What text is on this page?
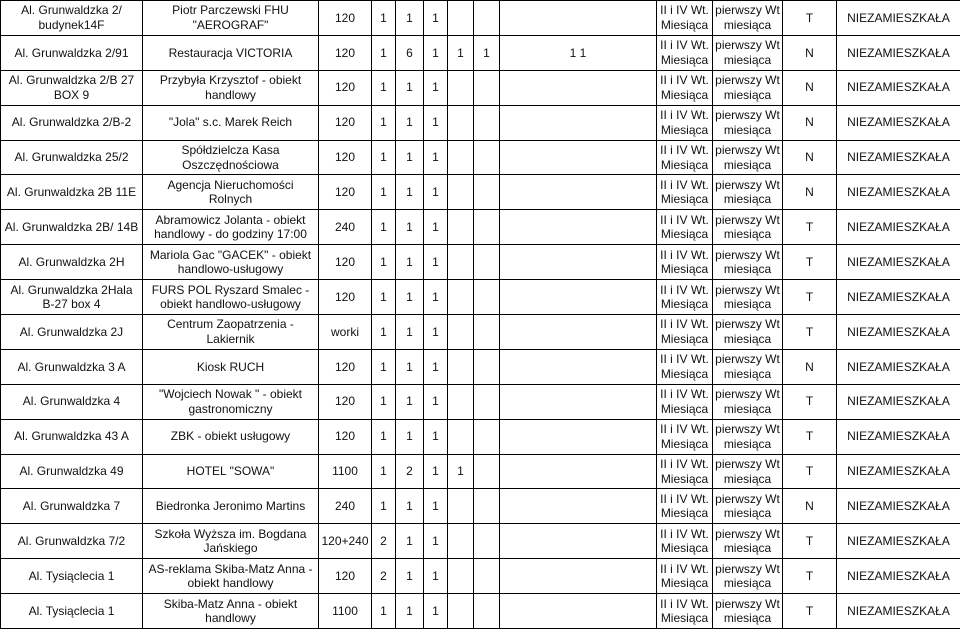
Al. Grunwaldzka 2/ budynek14F	Piotr Parczewski FHU "AEROGRAF"	120	1	1	1				II i IV Wt. Miesiąca	pierwszy Wt miesiąca	T	NIEZAMIESZKAŁA
Al. Grunwaldzka 2/91	Restauracja VICTORIA	120	1	6	1	1	1	1 1	II i IV Wt. Miesiąca	pierwszy Wt miesiąca	N	NIEZAMIESZKAŁA
Al. Grunwaldzka 2/B 27 BOX 9	Przybyła Krzysztof - obiekt handlowy	120	1	1	1				II i IV Wt. Miesiąca	pierwszy Wt miesiąca	N	NIEZAMIESZKAŁA
Al. Grunwaldzka 2/B-2	"Jola" s.c. Marek Reich	120	1	1	1				II i IV Wt. Miesiąca	pierwszy Wt miesiąca	N	NIEZAMIESZKAŁA
Al. Grunwaldzka 25/2	Spółdzielcza Kasa Oszczędnościowa	120	1	1	1				II i IV Wt. Miesiąca	pierwszy Wt miesiąca	N	NIEZAMIESZKAŁA
Al. Grunwaldzka 2B 11E	Agencja Nieruchomości Rolnych	120	1	1	1				II i IV Wt. Miesiąca	pierwszy Wt miesiąca	N	NIEZAMIESZKAŁA
Al. Grunwaldzka 2B/ 14B	Abramowicz Jolanta - obiekt handlowy - do godziny 17:00	240	1	1	1				II i IV Wt. Miesiąca	pierwszy Wt miesiąca	T	NIEZAMIESZKAŁA
Al. Grunwaldzka 2H	Mariola Gac "GACEK" - obiekt handlowo-usługowy	120	1	1	1				II i IV Wt. Miesiąca	pierwszy Wt miesiąca	T	NIEZAMIESZKAŁA
Al. Grunwaldzka 2Hala B-27 box 4	FURS POL Ryszard Smalec - obiekt handlowo-usługowy	120	1	1	1				II i IV Wt. Miesiąca	pierwszy Wt miesiąca	T	NIEZAMIESZKAŁA
Al. Grunwaldzka 2J	Centrum Zaopatrzenia - Lakiernik	worki	1	1	1				II i IV Wt. Miesiąca	pierwszy Wt miesiąca	T	NIEZAMIESZKAŁA
Al. Grunwaldzka 3 A	Kiosk RUCH	120	1	1	1				II i IV Wt. Miesiąca	pierwszy Wt miesiąca	N	NIEZAMIESZKAŁA
Al. Grunwaldzka 4	"Wojciech Nowak " - obiekt gastronomiczny	120	1	1	1				II i IV Wt. Miesiąca	pierwszy Wt miesiąca	T	NIEZAMIESZKAŁA
Al. Grunwaldzka 43 A	ZBK - obiekt usługowy	120	1	1	1				II i IV Wt. Miesiąca	pierwszy Wt miesiąca	T	NIEZAMIESZKAŁA
Al. Grunwaldzka 49	HOTEL "SOWA"	1100	1	2	1	1			II i IV Wt. Miesiąca	pierwszy Wt miesiąca	T	NIEZAMIESZKAŁA
Al. Grunwaldzka 7	Biedronka Jeronimo Martins	240	1	1	1				II i IV Wt. Miesiąca	pierwszy Wt miesiąca	N	NIEZAMIESZKAŁA
Al. Grunwaldzka 7/2	Szkoła Wyższa im. Bogdana Jańskiego	120+240	2	1	1				II i IV Wt. Miesiąca	pierwszy Wt miesiąca	T	NIEZAMIESZKAŁA
Al. Tysiąclecia 1	AS-reklama Skiba-Matz Anna - obiekt handlowy	120	2	1	1				II i IV Wt. Miesiąca	pierwszy Wt miesiąca	T	NIEZAMIESZKAŁA
Al. Tysiąclecia 1	Skiba-Matz Anna - obiekt handlowy	1100	1	1	1				II i IV Wt. Miesiąca	pierwszy Wt miesiąca	T	NIEZAMIESZKAŁA
